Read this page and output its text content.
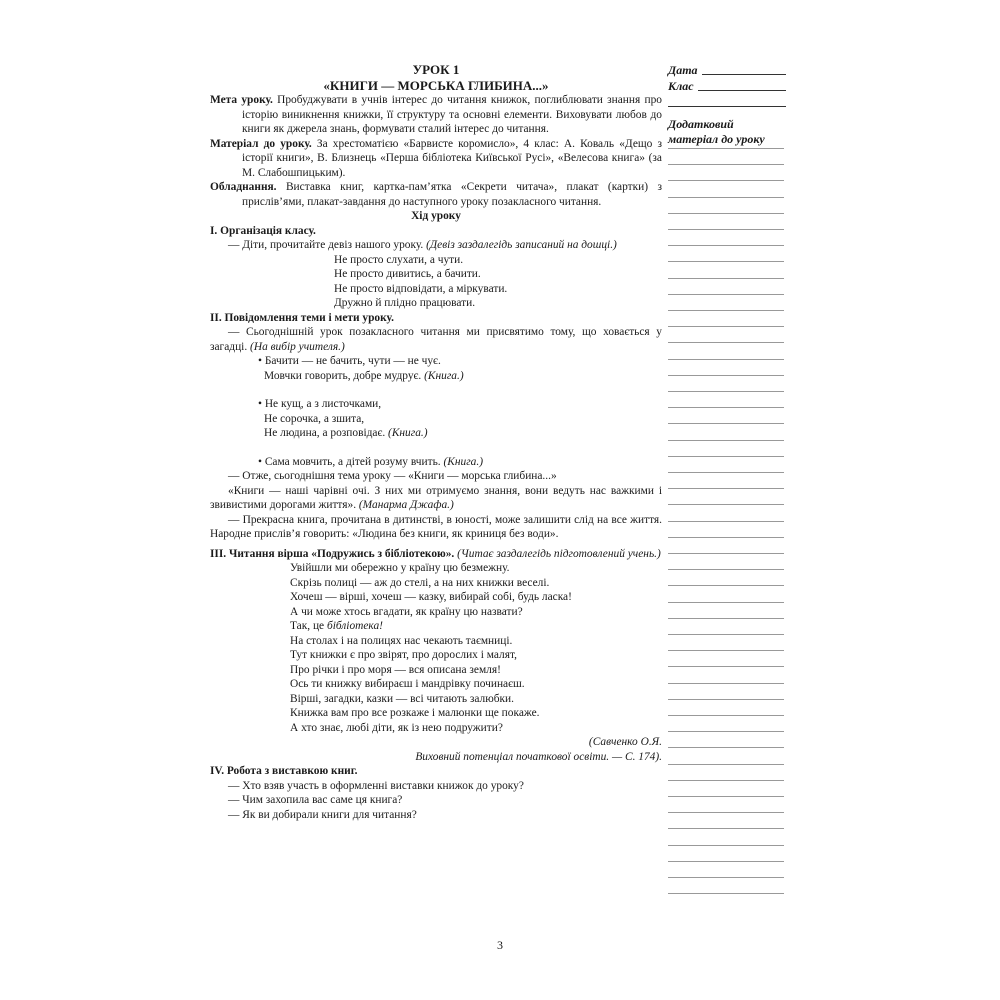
УРОК 1
«КНИГИ — МОРСЬКА ГЛИБИНА...»

Мета уроку. Пробуджувати в учнів інтерес до читання книжок, поглиблювати знання про історію виникнення книжки, її структуру та основні елементи. Виховувати любов до книги як джерела знань, формувати сталий інтерес до читання.

Матеріал до уроку. За хрестоматією «Барвисте коромисло», 4 клас: А. Коваль «Дещо з історії книги», В. Близнець «Перша бібліотека Київської Русі», «Велесова книга» (за М. Слабошпицьким).

Обладнання. Виставка книг, картка-пам’ятка «Секрети читача», плакат (картки) з прислів’ями, плакат-завдання до наступного уроку позакласного читання.

Хід уроку

І. Організація класу.

— Діти, прочитайте девіз нашого уроку. (Девіз заздалегідь записаний на дошці.)

Не просто слухати, а чути.
Не просто дивитись, а бачити.
Не просто відповідати, а міркувати.
Дружно й плідно працювати.

ІІ. Повідомлення теми і мети уроку.

— Сьогоднішній урок позакласного читання ми присвятимо тому, що ховається у загадці. (На вибір учителя.)

• Бачити — не бачить, чути — не чує.
Мовчки говорить, добре мудрує. (Книга.)
• Не кущ, а з листочками,
Не сорочка, а зшита,
Не людина, а розповідає. (Книга.)
• Сама мовчить, а дітей розуму вчить. (Книга.)

— Отже, сьогоднішня тема уроку — «Книги — морська глибина...»

«Книги — наші чарівні очі. З них ми отримуємо знання, вони ведуть нас важкими і звивистими дорогами життя». (Манарма Джафа.)

— Прекрасна книга, прочитана в дитинстві, в юності, може залишити слід на все життя. Народне прислів’я говорить: «Людина без книги, як криниця без води».

ІІІ. Читання вірша «Подружись з бібліотекою». (Читає заздалегідь підготовлений учень.)

Увійшли ми обережно у країну цю безмежну.
Скрізь полиці — аж до стелі, а на них книжки веселі.
Хочеш — вірші, хочеш — казку, вибирай собі, будь ласка!
А чи може хтось вгадати, як країну цю назвати?
Так, це бібліотека!
На столах і на полицях нас чекають таємниці.
Тут книжки є про звірят, про дорослих і малят,
Про річки і про моря — вся описана земля!
Ось ти книжку вибираєш і мандрівку починаєш.
Вірші, загадки, казки — всі читають залюбки.
Книжка вам про все розкаже і малюнки ще покаже.
А хто знає, любі діти, як із нею подружити?

(Савченко О.Я.

Виховний потенціал початкової освіти. — С. 174).

IV. Робота з виставкою книг.

— Хто взяв участь в оформленні виставки книжок до уроку?

— Чим захопила вас саме ця книга?

— Як ви добирали книги для читання?

Дата
Клас
Додатковий матеріал до уроку
3
